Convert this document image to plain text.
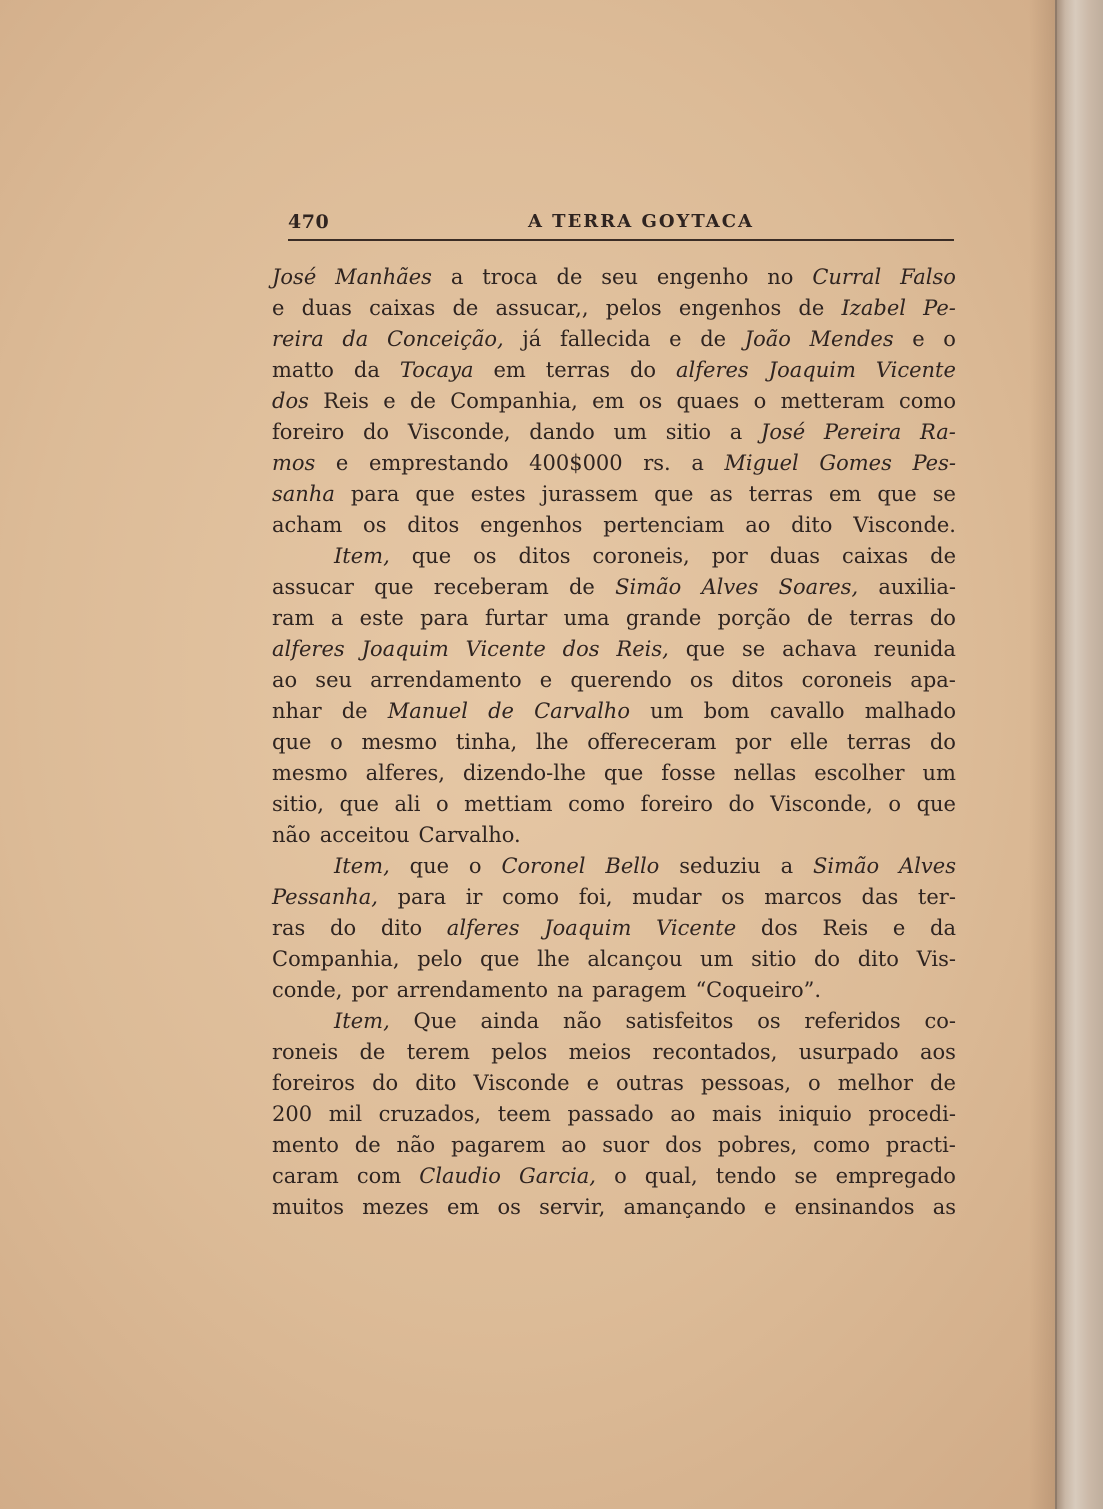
470	A TERRA GOYTACA
José Manhães a troca de seu engenho no Curral Falso
e duas caixas de assucar,, pelos engenhos de Izabel Pe-
reira da Conceição, já fallecida e de João Mendes e o
matto da Tocaya em terras do alferes Joaquim Vicente
dos Reis e de Companhia, em os quaes o metteram como
foreiro do Visconde, dando um sitio a José Pereira Ra-
mos e emprestando 400$000 rs. a Miguel Gomes Pes-
sanha para que estes jurassem que as terras em que se
acham os ditos engenhos pertenciam ao dito Visconde.
Item, que os ditos coroneis, por duas caixas de
assucar que receberam de Simão Alves Soares, auxilia-
ram a este para furtar uma grande porção de terras do
alferes Joaquim Vicente dos Reis, que se achava reunida
ao seu arrendamento e querendo os ditos coroneis apa-
nhar de Manuel de Carvalho um bom cavallo malhado
que o mesmo tinha, lhe offereceram por elle terras do
mesmo alferes, dizendo-lhe que fosse nellas escolher um
sitio, que ali o mettiam como foreiro do Visconde, o que
não acceitou Carvalho.
Item, que o Coronel Bello seduziu a Simão Alves
Pessanha, para ir como foi, mudar os marcos das ter-
ras do dito alferes Joaquim Vicente dos Reis e da
Companhia, pelo que lhe alcançou um sitio do dito Vis-
conde, por arrendamento na paragem “Coqueiro”.
Item, Que ainda não satisfeitos os referidos co-
roneis de terem pelos meios recontados, usurpado aos
foreiros do dito Visconde e outras pessoas, o melhor de
200 mil cruzados, teem passado ao mais iniquio procedi-
mento de não pagarem ao suor dos pobres, como practi-
caram com Claudio Garcia, o qual, tendo se empregado
muitos mezes em os servir, amançando e ensinandos as
